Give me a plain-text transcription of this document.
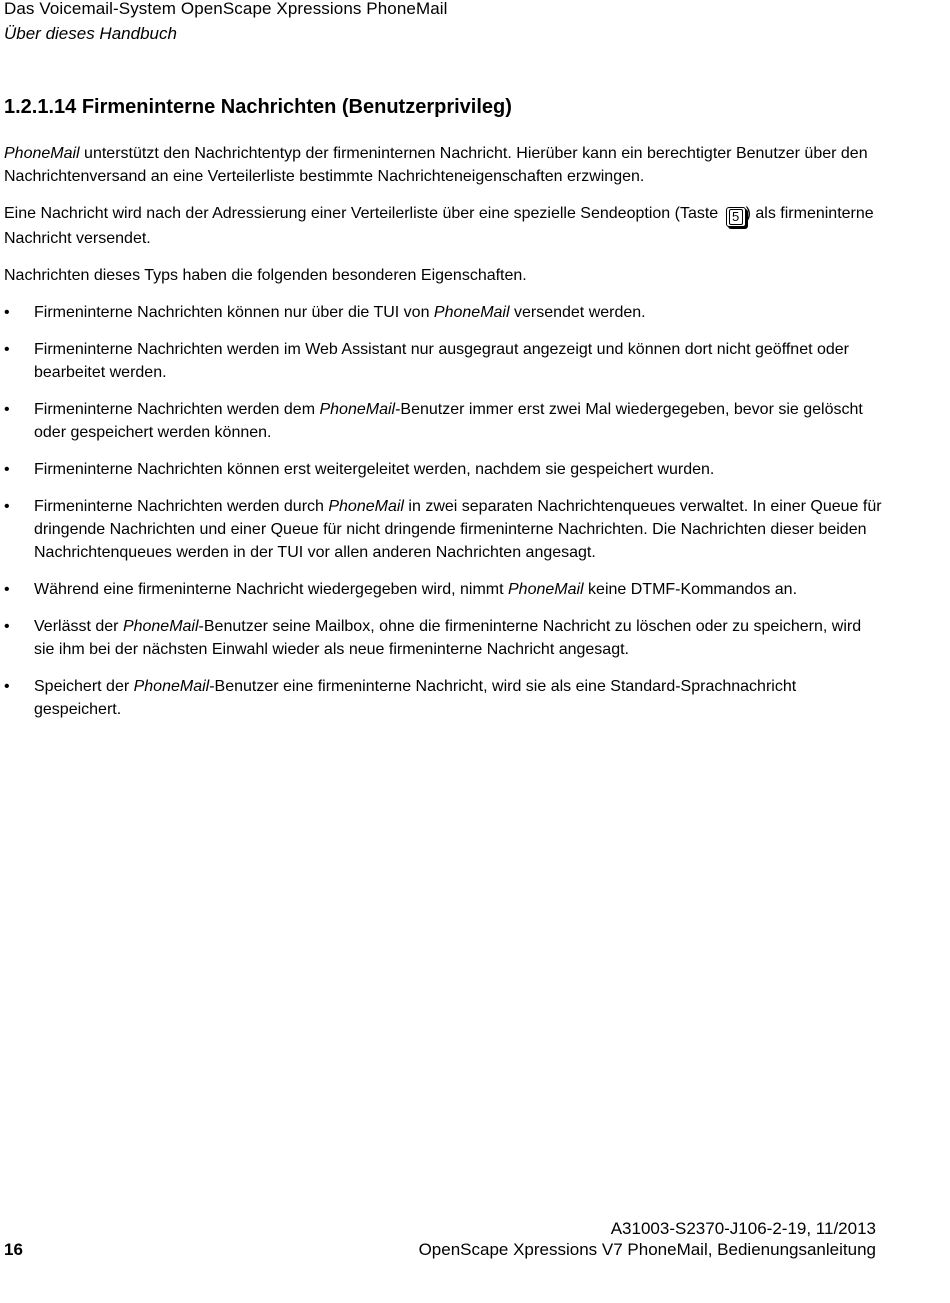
Das Voicemail-System OpenScape Xpressions PhoneMail
Über dieses Handbuch
1.2.1.14 Firmeninterne Nachrichten (Benutzerprivileg)

PhoneMail unterstützt den Nachrichtentyp der firmeninternen Nachricht. Hierüber kann ein berechtigter Benutzer über den Nachrichtenversand an eine Verteilerliste bestimmte Nachrichteneigenschaften erzwingen.

Eine Nachricht wird nach der Adressierung einer Verteilerliste über eine spezielle Sendeoption (Taste 5 ) als firmeninterne Nachricht versendet.

Nachrichten dieses Typs haben die folgenden besonderen Eigenschaften.

•	Firmeninterne Nachrichten können nur über die TUI von PhoneMail versendet werden.
•	Firmeninterne Nachrichten werden im Web Assistant nur ausgegraut angezeigt und können dort nicht geöffnet oder bearbeitet werden.
•	Firmeninterne Nachrichten werden dem PhoneMail-Benutzer immer erst zwei Mal wiedergegeben, bevor sie gelöscht oder gespeichert werden können.
•	Firmeninterne Nachrichten können erst weitergeleitet werden, nachdem sie gespeichert wurden.
•	Firmeninterne Nachrichten werden durch PhoneMail in zwei separaten Nachrichtenqueues verwaltet. In einer Queue für dringende Nachrichten und einer Queue für nicht dringende firmeninterne Nachrichten. Die Nachrichten dieser beiden Nachrichtenqueues werden in der TUI vor allen anderen Nachrichten angesagt.
•	Während eine firmeninterne Nachricht wiedergegeben wird, nimmt PhoneMail keine DTMF-Kommandos an.
•	Verlässt der PhoneMail-Benutzer seine Mailbox, ohne die firmeninterne Nachricht zu löschen oder zu speichern, wird sie ihm bei der nächsten Einwahl wieder als neue firmeninterne Nachricht angesagt.
•	Speichert der PhoneMail-Benutzer eine firmeninterne Nachricht, wird sie als eine Standard-Sprachnachricht gespeichert.
A31003-S2370-J106-2-19, 11/2013
16	OpenScape Xpressions V7 PhoneMail, Bedienungsanleitung
